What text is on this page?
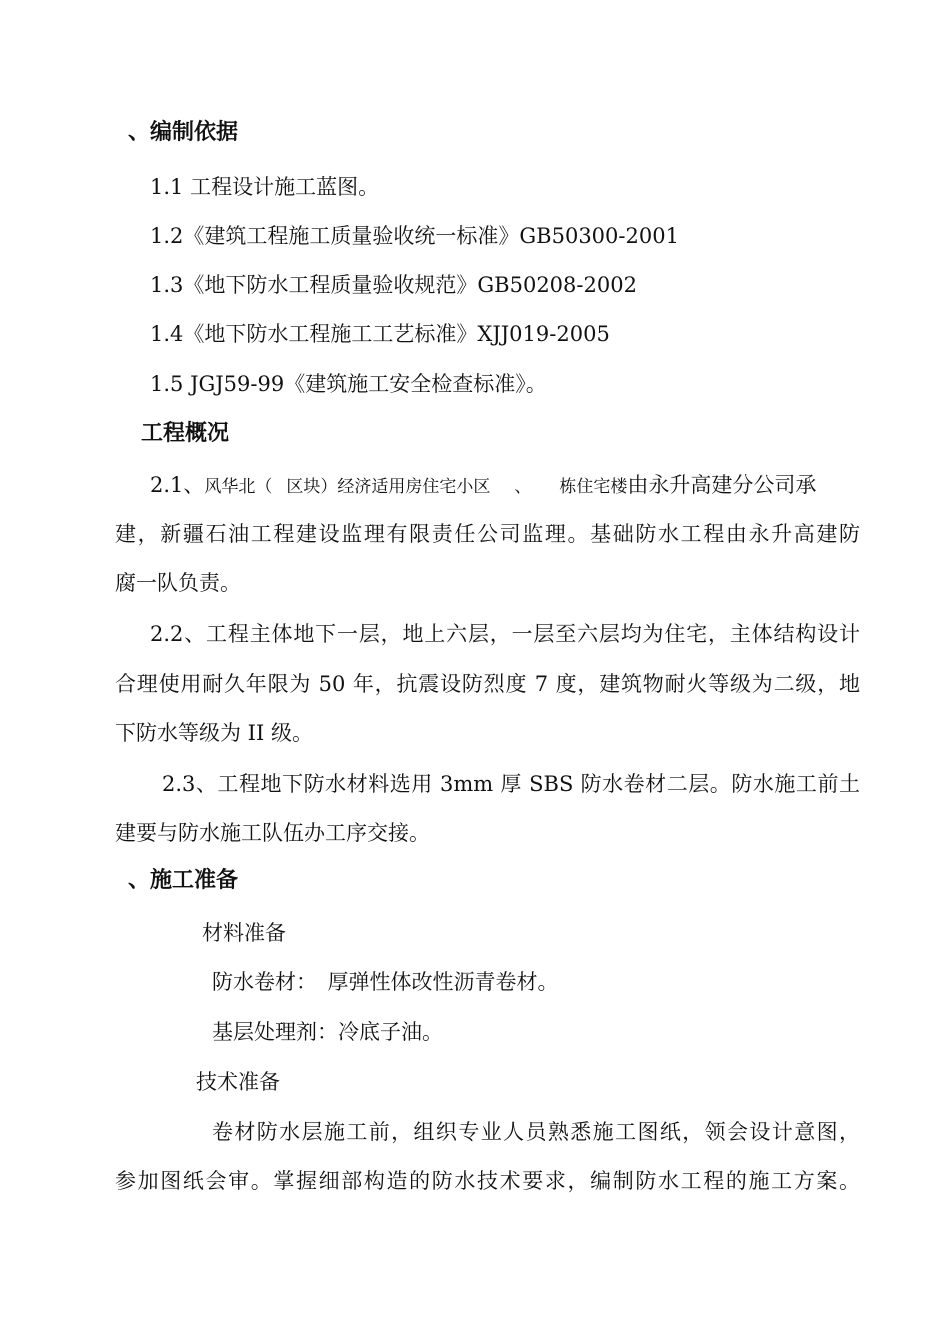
、编制依据
1.1 工程设计施工蓝图。
1.2《建筑工程施工质量验收统一标准》GB50300-2001
1.3《地下防水工程质量验收规范》GB50208-2002
1.4《地下防水工程施工工艺标准》XJJ019-2005
1.5 JGJ59-99《建筑施工安全检查标准》。
工程概况
2.1、风华北（ 区块）经济适用房住宅小区 、 栋住宅楼由永升高建分公司承
建，新疆石油工程建设监理有限责任公司监理。基础防水工程由永升高建防
腐一队负责。
2.2、工程主体地下一层，地上六层，一层至六层均为住宅，主体结构设计
合理使用耐久年限为 50 年，抗震设防烈度 7 度，建筑物耐火等级为二级，地
下防水等级为 II 级。
2.3、工程地下防水材料选用 3mm 厚 SBS 防水卷材二层。防水施工前土
建要与防水施工队伍办工序交接。
、施工准备
材料准备
防水卷材：　厚弹性体改性沥青卷材。
基层处理剂：冷底子油。
技术准备
卷材防水层施工前，组织专业人员熟悉施工图纸，领会设计意图，
参加图纸会审。掌握细部构造的防水技术要求，编制防水工程的施工方案。
